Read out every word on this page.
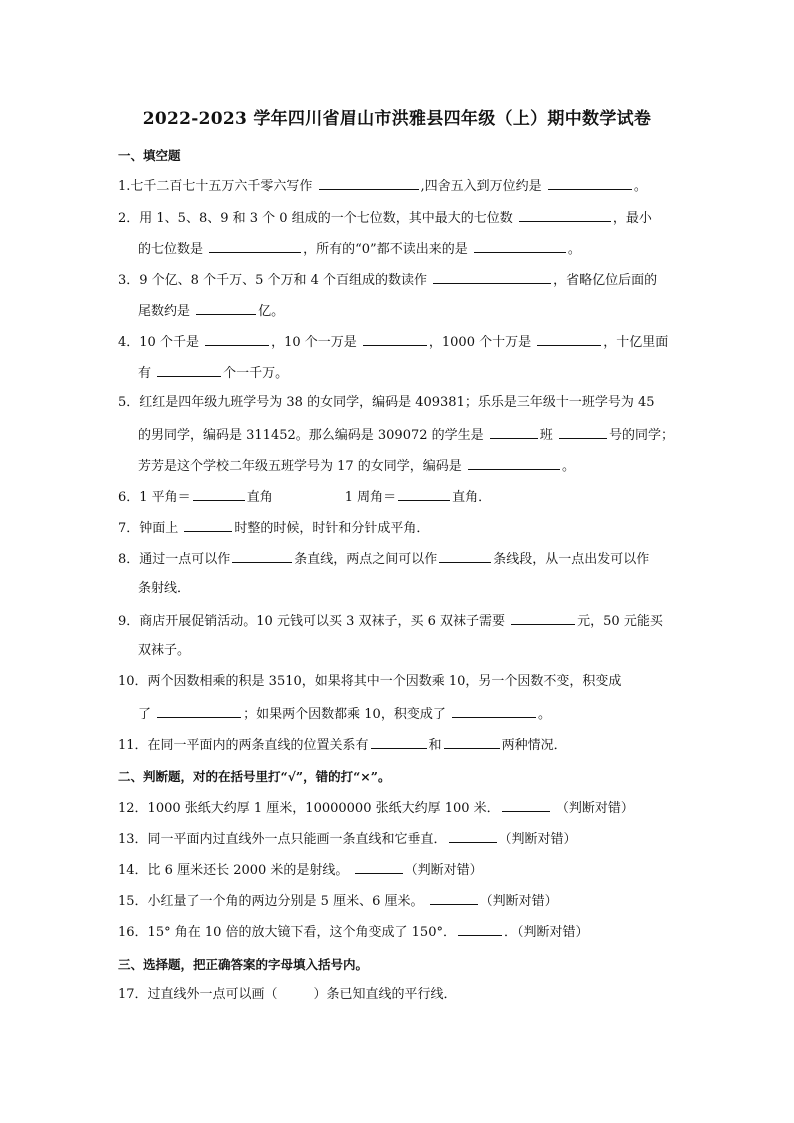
2022-2023 学年四川省眉山市洪雅县四年级（上）期中数学试卷
一、填空题
1.七千二百七十五万六千零六写作	,四舍五入到万位约是	。
2．用 1、5、8、9 和 3 个 0 组成的一个七位数，其中最大的七位数	，最小
的七位数是	，所有的“0”都不读出来的是	。
3．9 个亿、8 个千万、5 个万和 4 个百组成的数读作	，省略亿位后面的
尾数约是	亿。
4．10 个千是	，10 个一万是	，1000 个十万是	，十亿里面
有	个一千万。
5．红红是四年级九班学号为 38 的女同学，编码是 409381；乐乐是三年级十一班学号为 45
的男同学，编码是 311452。那么编码是 309072 的学生是	班	号的同学；
芳芳是这个学校二年级五班学号为 17 的女同学，编码是	。
6．1 平角＝	直角	1 周角＝	直角．
7．钟面上	时整的时候，时针和分针成平角．
8．通过一点可以作	条直线，两点之间可以作	条线段，从一点出发可以作
条射线．
9．商店开展促销活动。10 元钱可以买 3 双袜子，买 6 双袜子需要	元，50 元能买
双袜子。
10．两个因数相乘的积是 3510，如果将其中一个因数乘 10，另一个因数不变，积变成
了	；如果两个因数都乘 10，积变成了	。
11．在同一平面内的两条直线的位置关系有	和	两种情况．
二、判断题，对的在括号里打“√”，错的打“×”。
12．1000 张纸大约厚 1 厘米，10000000 张纸大约厚 100 米．	（判断对错）
13．同一平面内过直线外一点只能画一条直线和它垂直．	（判断对错）
14．比 6 厘米还长 2000 米的是射线。	（判断对错）
15．小红量了一个角的两边分别是 5 厘米、6 厘米。	（判断对错）
16．15° 角在 10 倍的放大镜下看，这个角变成了 150°．	．（判断对错）
三、选择题，把正确答案的字母填入括号内。
17．过直线外一点可以画（	）条已知直线的平行线．
